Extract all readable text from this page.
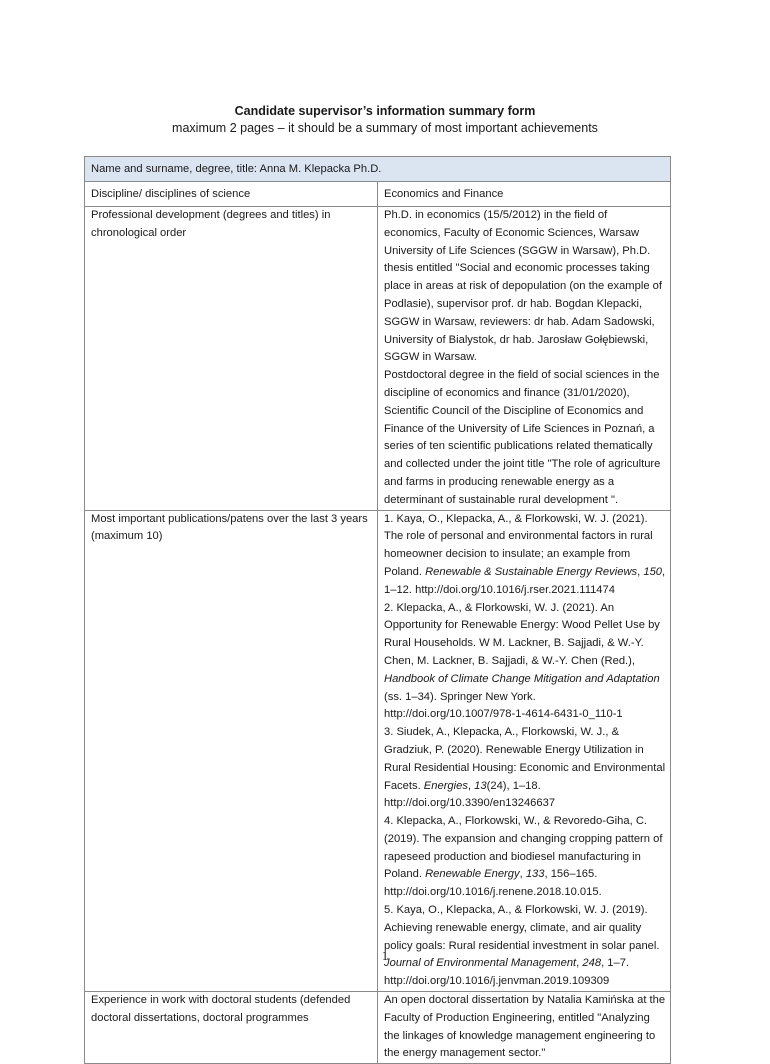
Candidate supervisor’s information summary form
maximum 2 pages – it should be a summary of most important achievements
Name and surname, degree, title: Anna M. Klepacka Ph.D.	
Discipline/ disciplines of science	Economics and Finance
Professional development (degrees and titles) in chronological order	Ph.D. in economics (15/5/2012) in the field of economics, Faculty of Economic Sciences, Warsaw University of Life Sciences (SGGW in Warsaw), Ph.D. thesis entitled "Social and economic processes taking place in areas at risk of depopulation (on the example of Podlasie), supervisor prof. dr hab. Bogdan Klepacki, SGGW in Warsaw, reviewers: dr hab. Adam Sadowski, University of Bialystok, dr hab. Jarosław Gołębiewski, SGGW in Warsaw.
Postdoctoral degree in the field of social sciences in the discipline of economics and finance (31/01/2020), Scientific Council of the Discipline of Economics and Finance of the University of Life Sciences in Poznań, a series of ten scientific publications related thematically and collected under the joint title "The role of agriculture and farms in producing renewable energy as a determinant of sustainable rural development ".

Most important publications/patens over the last 3 years (maximum 10)	1. Kaya, O., Klepacka, A., & Florkowski, W. J. (2021). The role of personal and environmental factors in rural homeowner decision to insulate; an example from Poland. Renewable & Sustainable Energy Reviews, 150, 1–12. http://doi.org/10.1016/j.rser.2021.111474
2. Klepacka, A., & Florkowski, W. J. (2021). An Opportunity for Renewable Energy: Wood Pellet Use by Rural Households. W M. Lackner, B. Sajjadi, & W.-Y. Chen, M. Lackner, B. Sajjadi, & W.-Y. Chen (Red.), Handbook of Climate Change Mitigation and Adaptation (ss. 1–34). Springer New York. http://doi.org/10.1007/978-1-4614-6431-0_110-1
3. Siudek, A., Klepacka, A., Florkowski, W. J., & Gradziuk, P. (2020). Renewable Energy Utilization in Rural Residential Housing: Economic and Environmental Facets. Energies, 13(24), 1–18. http://doi.org/10.3390/en13246637
4. Klepacka, A., Florkowski, W., & Revoredo-Giha, C. (2019). The expansion and changing cropping pattern of rapeseed production and biodiesel manufacturing in Poland. Renewable Energy, 133, 156–165. http://doi.org/10.1016/j.renene.2018.10.015.
5. Kaya, O., Klepacka, A., & Florkowski, W. J. (2019). Achieving renewable energy, climate, and air quality policy goals: Rural residential investment in solar panel. Journal of Environmental Management, 248, 1–7. http://doi.org/10.1016/j.jenvman.2019.109309

Experience in work with doctoral students (defended doctoral dissertations, doctoral programmes	An open doctoral dissertation by Natalia Kamińska at the Faculty of Production Engineering, entitled "Analyzing the linkages of knowledge management engineering to the energy management sector."
1
